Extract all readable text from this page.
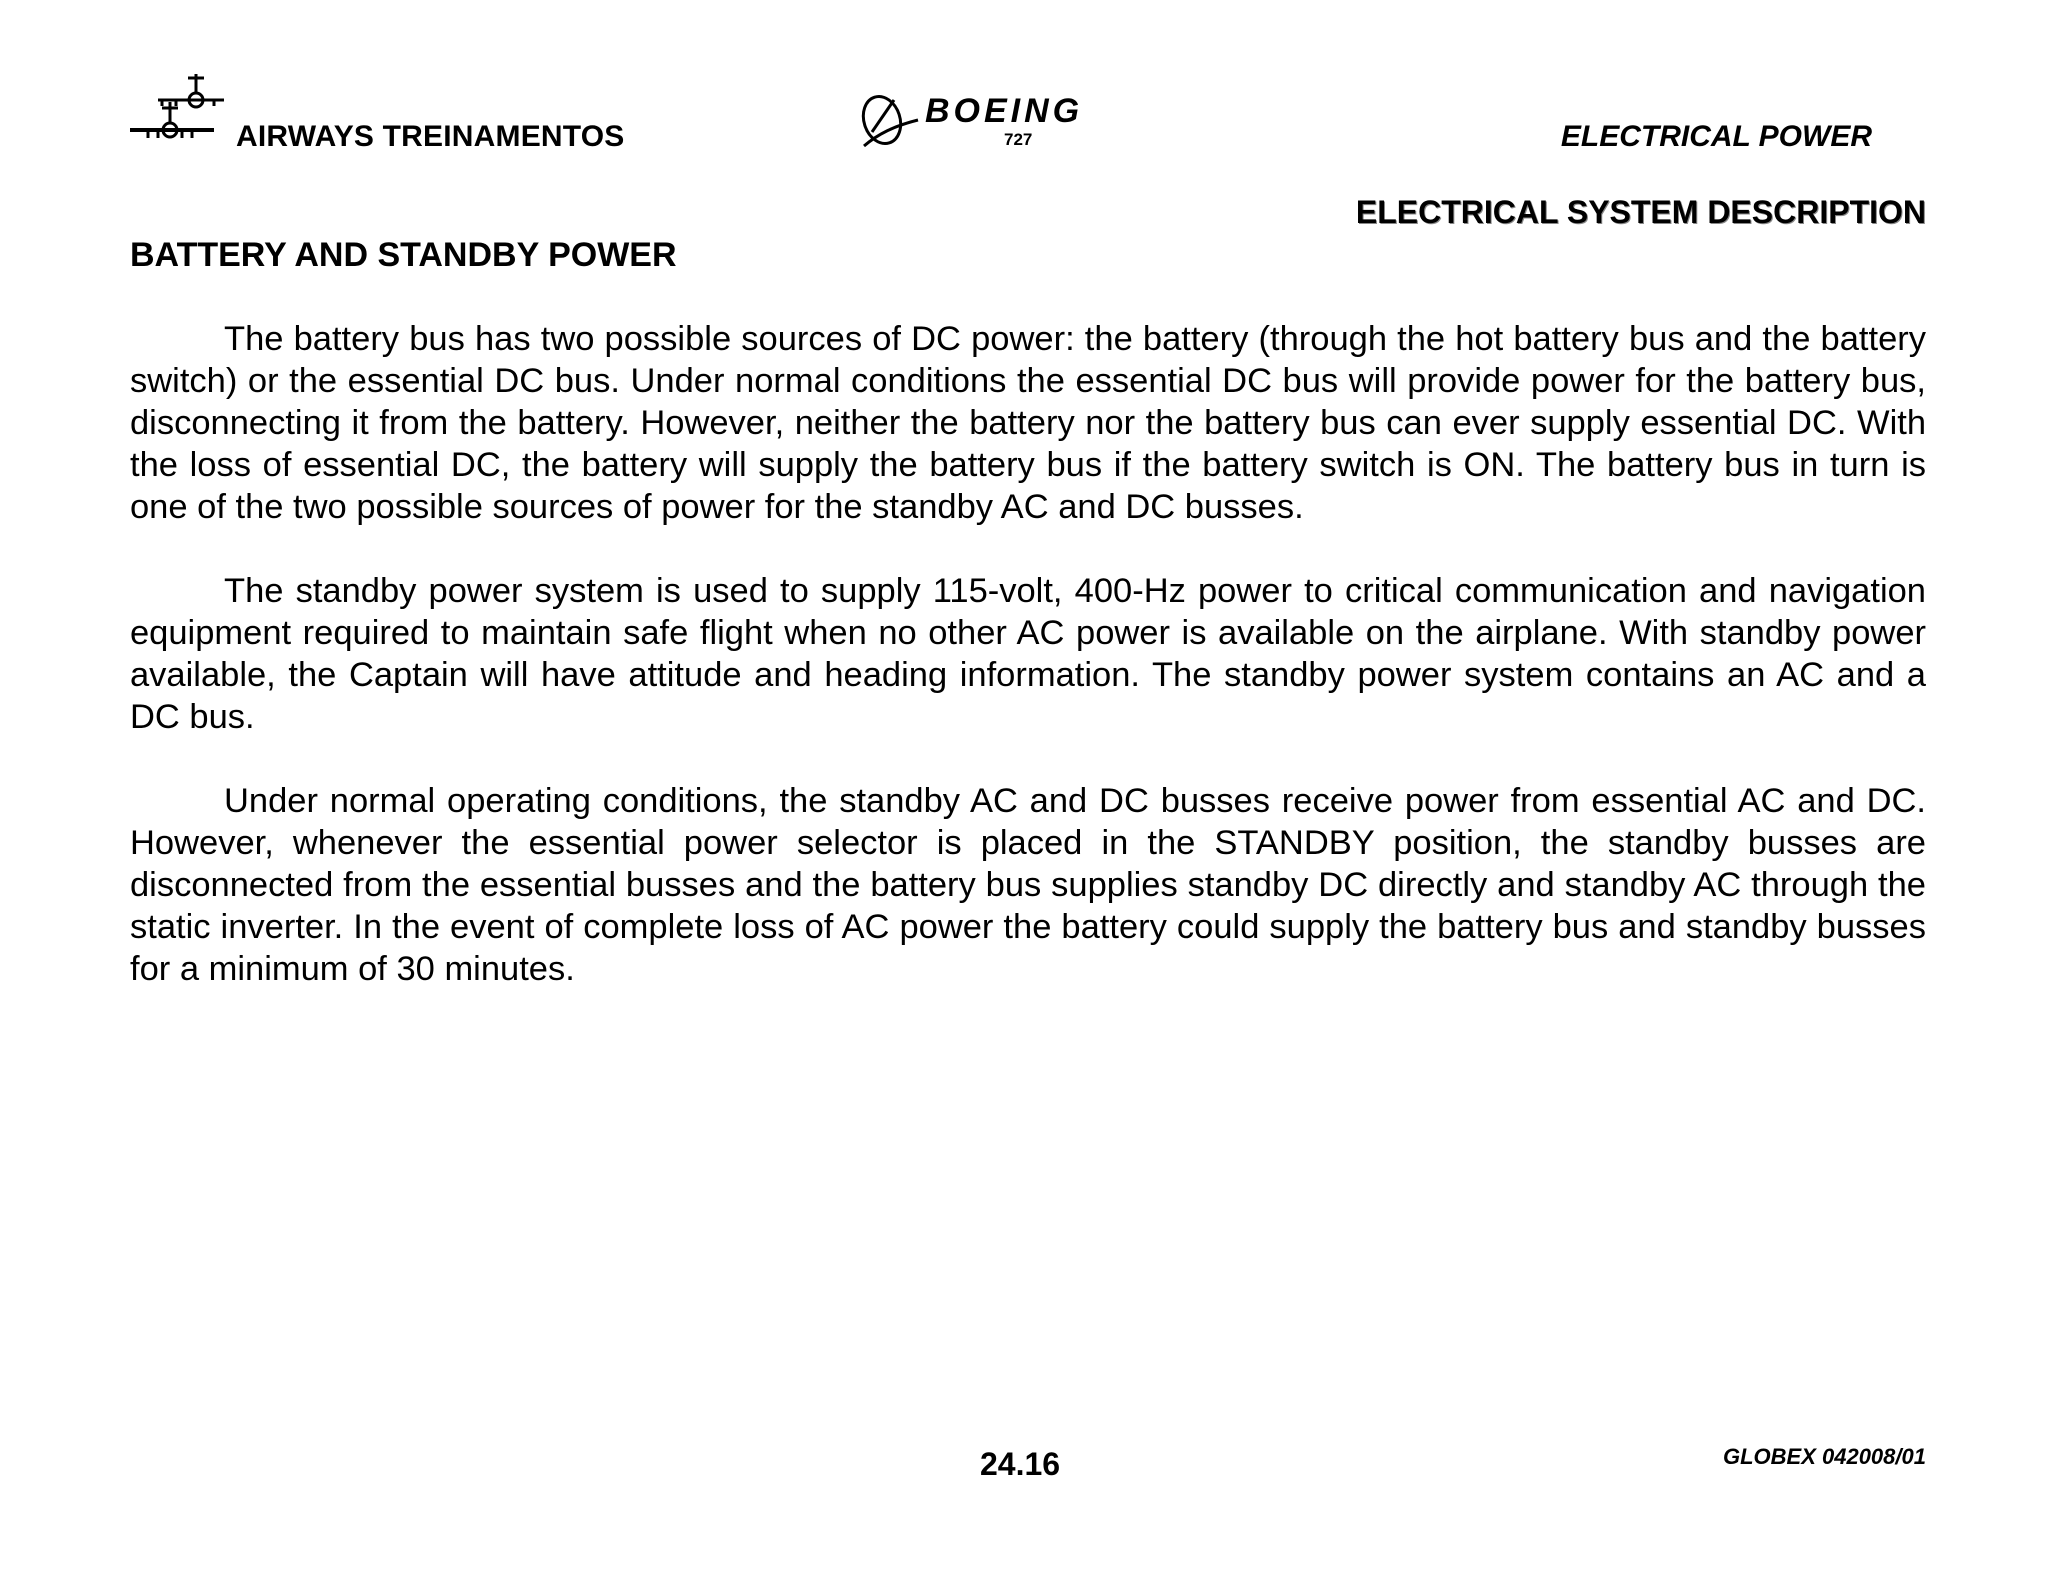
AIRWAYS TREINAMENTOS
BOEING
727	ELECTRICAL POWER
ELECTRICAL SYSTEM DESCRIPTION
BATTERY AND STANDBY POWER

The battery bus has two possible sources of DC power: the battery (through the hot battery bus and the battery switch) or the essential DC bus. Under normal conditions the essential DC bus will provide power for the battery bus, disconnecting it from the battery. However, neither the battery nor the battery bus can ever supply essential DC. With the loss of essential DC, the battery will supply the battery bus if the battery switch is ON. The battery bus in turn is one of the two possible sources of power for the standby AC and DC busses.

The standby power system is used to supply 115-volt, 400-Hz power to critical communication and navigation equipment required to maintain safe flight when no other AC power is available on the airplane. With standby power available, the Captain will have attitude and heading information. The standby power system contains an AC and a DC bus.

Under normal operating conditions, the standby AC and DC busses receive power from essential AC and DC. However, whenever the essential power selector is placed in the STANDBY position, the standby busses are disconnected from the essential busses and the battery bus supplies standby DC directly and standby AC through the static inverter. In the event of complete loss of AC power the battery could supply the battery bus and standby busses for a minimum of 30 minutes.

24.16	GLOBEX 042008/01
